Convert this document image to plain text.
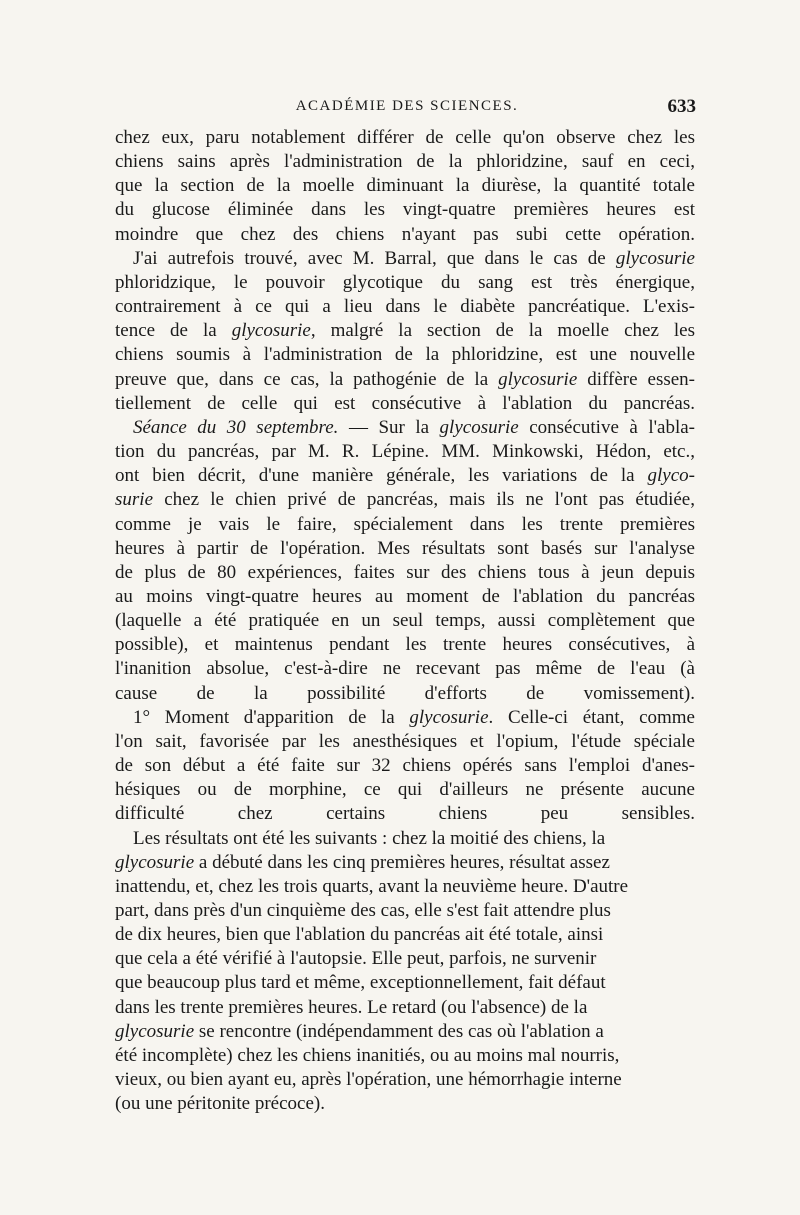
ACADÉMIE DES SCIENCES.	633

chez eux, paru notablement différer de celle qu'on observe chez les
chiens sains après l'administration de la phloridzine, sauf en ceci,
que la section de la moelle diminuant la diurèse, la quantité totale
du glucose éliminée dans les vingt-quatre premières heures est
moindre que chez des chiens n'ayant pas subi cette opération.

J'ai autrefois trouvé, avec M. Barral, que dans le cas de glycosurie
phloridzique, le pouvoir glycotique du sang est très énergique,
contrairement à ce qui a lieu dans le diabète pancréatique. L'exis-
tence de la glycosurie, malgré la section de la moelle chez les
chiens soumis à l'administration de la phloridzine, est une nouvelle
preuve que, dans ce cas, la pathogénie de la glycosurie diffère essen-
tiellement de celle qui est consécutive à l'ablation du pancréas.

Séance du 30 septembre. — Sur la glycosurie consécutive à l'abla-
tion du pancréas, par M. R. Lépine. MM. Minkowski, Hédon, etc.,
ont bien décrit, d'une manière générale, les variations de la glyco-
surie chez le chien privé de pancréas, mais ils ne l'ont pas étudiée,
comme je vais le faire, spécialement dans les trente premières
heures à partir de l'opération. Mes résultats sont basés sur l'analyse
de plus de 80 expériences, faites sur des chiens tous à jeun depuis
au moins vingt-quatre heures au moment de l'ablation du pancréas
(laquelle a été pratiquée en un seul temps, aussi complètement que
possible), et maintenus pendant les trente heures consécutives, à
l'inanition absolue, c'est-à-dire ne recevant pas même de l'eau (à
cause de la possibilité d'efforts de vomissement).

1° Moment d'apparition de la glycosurie. Celle-ci étant, comme
l'on sait, favorisée par les anesthésiques et l'opium, l'étude spéciale
de son début a été faite sur 32 chiens opérés sans l'emploi d'anes-
hésiques ou de morphine, ce qui d'ailleurs ne présente aucune
difficulté chez certains chiens peu sensibles.

Les résultats ont été les suivants : chez la moitié des chiens, la
glycosurie a débuté dans les cinq premières heures, résultat assez
inattendu, et, chez les trois quarts, avant la neuvième heure. D'autre
part, dans près d'un cinquième des cas, elle s'est fait attendre plus
de dix heures, bien que l'ablation du pancréas ait été totale, ainsi
que cela a été vérifié à l'autopsie. Elle peut, parfois, ne survenir
que beaucoup plus tard et même, exceptionnellement, fait défaut
dans les trente premières heures. Le retard (ou l'absence) de la
glycosurie se rencontre (indépendamment des cas où l'ablation a
été incomplète) chez les chiens inanitiés, ou au moins mal nourris,
vieux, ou bien ayant eu, après l'opération, une hémorrhagie interne
(ou une péritonite précoce).
